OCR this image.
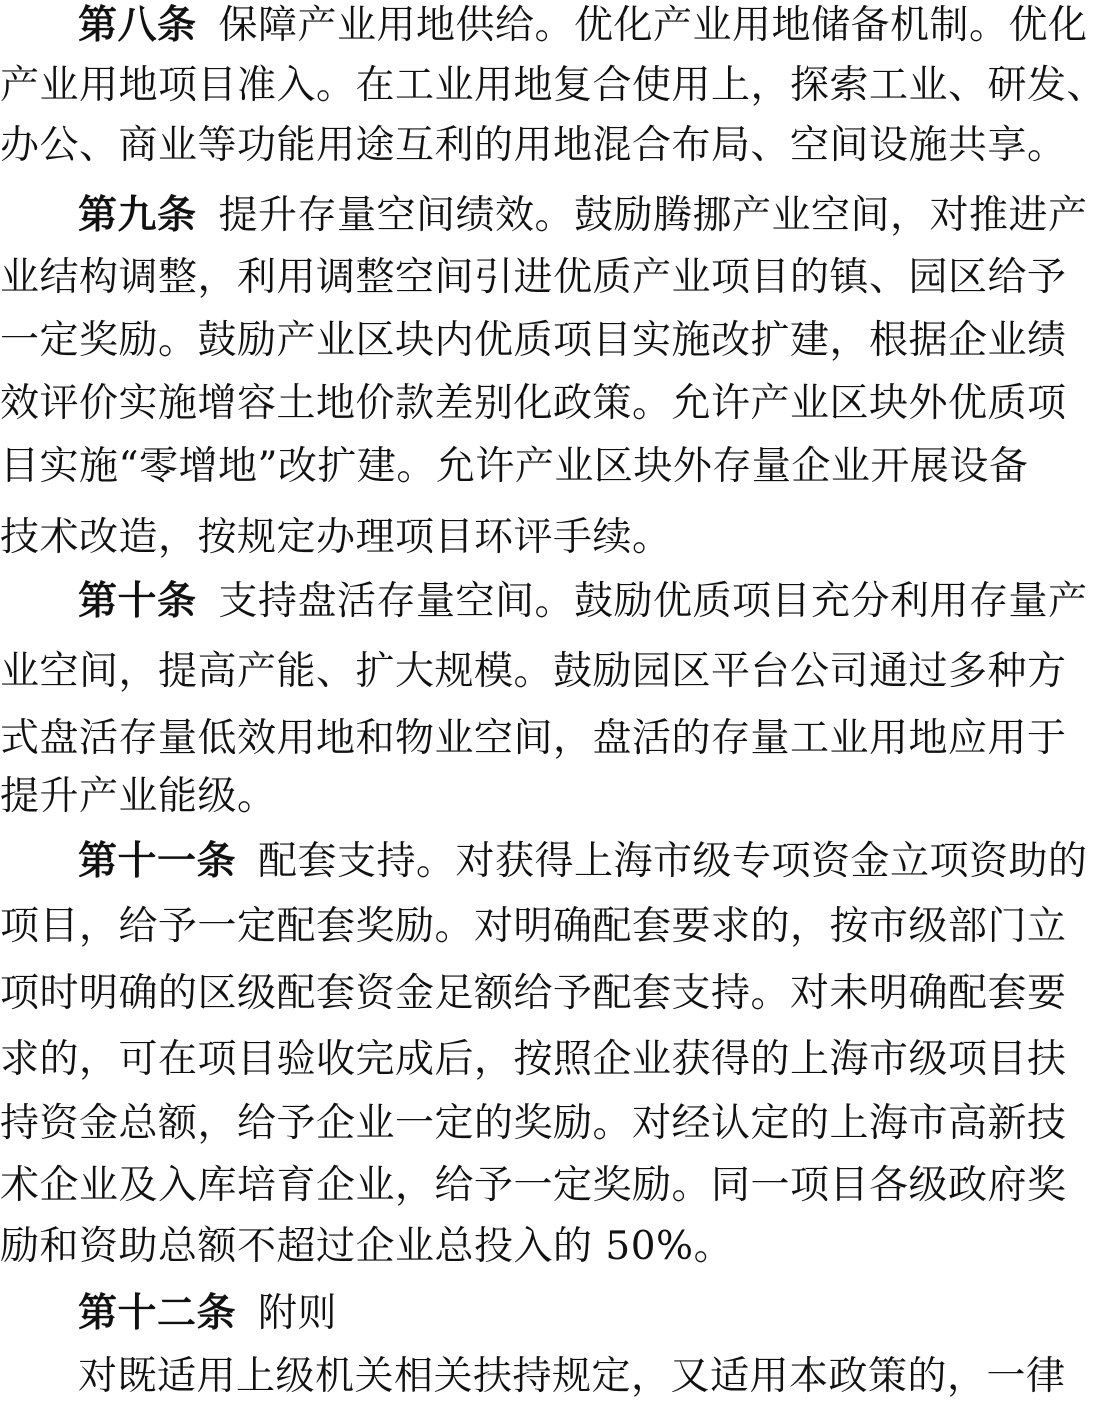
第八条 保障产业用地供给。优化产业用地储备机制。优化
产业用地项目准入。在工业用地复合使用上，探索工业、研发、
办公、商业等功能用途互利的用地混合布局、空间设施共享。
第九条 提升存量空间绩效。鼓励腾挪产业空间，对推进产
业结构调整，利用调整空间引进优质产业项目的镇、园区给予
一定奖励。鼓励产业区块内优质项目实施改扩建，根据企业绩
效评价实施增容土地价款差别化政策。允许产业区块外优质项
目实施“零增地”改扩建。允许产业区块外存量企业开展设备
技术改造，按规定办理项目环评手续。
第十条 支持盘活存量空间。鼓励优质项目充分利用存量产
业空间，提高产能、扩大规模。鼓励园区平台公司通过多种方
式盘活存量低效用地和物业空间，盘活的存量工业用地应用于
提升产业能级。
第十一条 配套支持。对获得上海市级专项资金立项资助的
项目，给予一定配套奖励。对明确配套要求的，按市级部门立
项时明确的区级配套资金足额给予配套支持。对未明确配套要
求的，可在项目验收完成后，按照企业获得的上海市级项目扶
持资金总额，给予企业一定的奖励。对经认定的上海市高新技
术企业及入库培育企业，给予一定奖励。同一项目各级政府奖
励和资助总额不超过企业总投入的 50%。
第十二条 附则
对既适用上级机关相关扶持规定，又适用本政策的，一律
